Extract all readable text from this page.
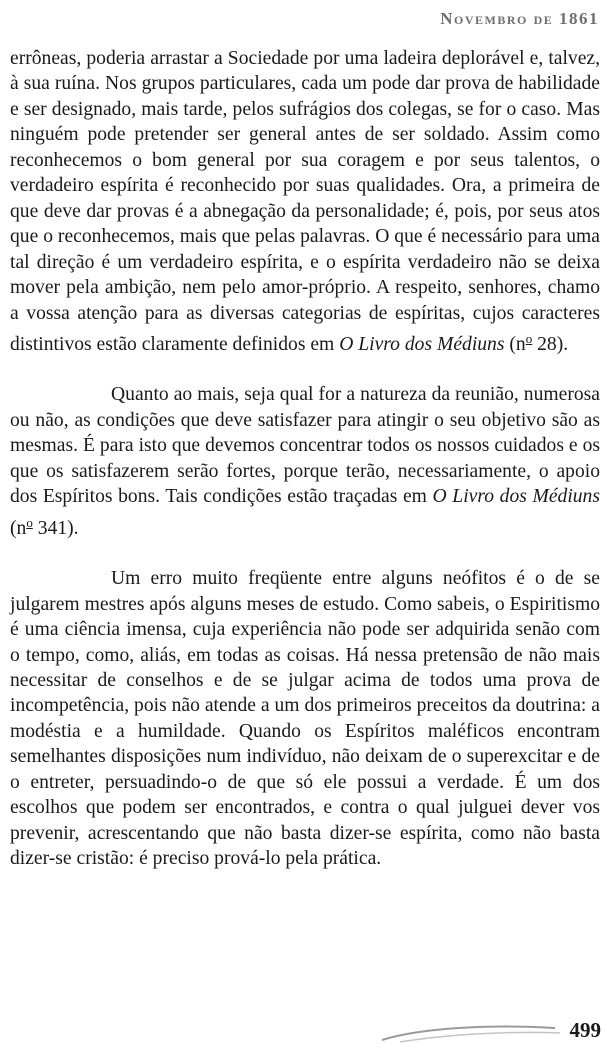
Novembro de 1861

errôneas, poderia arrastar a Sociedade por uma ladeira deplorável e, talvez, à sua ruína. Nos grupos particulares, cada um pode dar prova de habilidade e ser designado, mais tarde, pelos sufrágios dos colegas, se for o caso. Mas ninguém pode pretender ser general antes de ser soldado. Assim como reconhecemos o bom general por sua coragem e por seus talentos, o verdadeiro espírita é reconhecido por suas qualidades. Ora, a primeira de que deve dar provas é a abnegação da personalidade; é, pois, por seus atos que o reconhecemos, mais que pelas palavras. O que é necessário para uma tal direção é um verdadeiro espírita, e o espírita verdadeiro não se deixa mover pela ambição, nem pelo amor-próprio. A respeito, senhores, chamo a vossa atenção para as diversas categorias de espíritas, cujos caracteres distintivos estão claramente definidos em O Livro dos Médiuns ($n^o$ 28).

Quanto ao mais, seja qual for a natureza da reunião, numerosa ou não, as condições que deve satisfazer para atingir o seu objetivo são as mesmas. É para isto que devemos concentrar todos os nossos cuidados e os que os satisfazerem serão fortes, porque terão, necessariamente, o apoio dos Espíritos bons. Tais condições estão traçadas em O Livro dos Médiuns ($n^o$ 341).

Um erro muito freqüente entre alguns neófitos é o de se julgarem mestres após alguns meses de estudo. Como sabeis, o Espiritismo é uma ciência imensa, cuja experiência não pode ser adquirida senão com o tempo, como, aliás, em todas as coisas. Há nessa pretensão de não mais necessitar de conselhos e de se julgar acima de todos uma prova de incompetência, pois não atende a um dos primeiros preceitos da doutrina: a modéstia e a humildade. Quando os Espíritos maléficos encontram semelhantes disposições num indivíduo, não deixam de o superexcitar e de o entreter, persuadindo-o de que só ele possui a verdade. É um dos escolhos que podem ser encontrados, e contra o qual julguei dever vos prevenir, acrescentando que não basta dizer-se espírita, como não basta dizer-se cristão: é preciso prová-lo pela prática.

499
